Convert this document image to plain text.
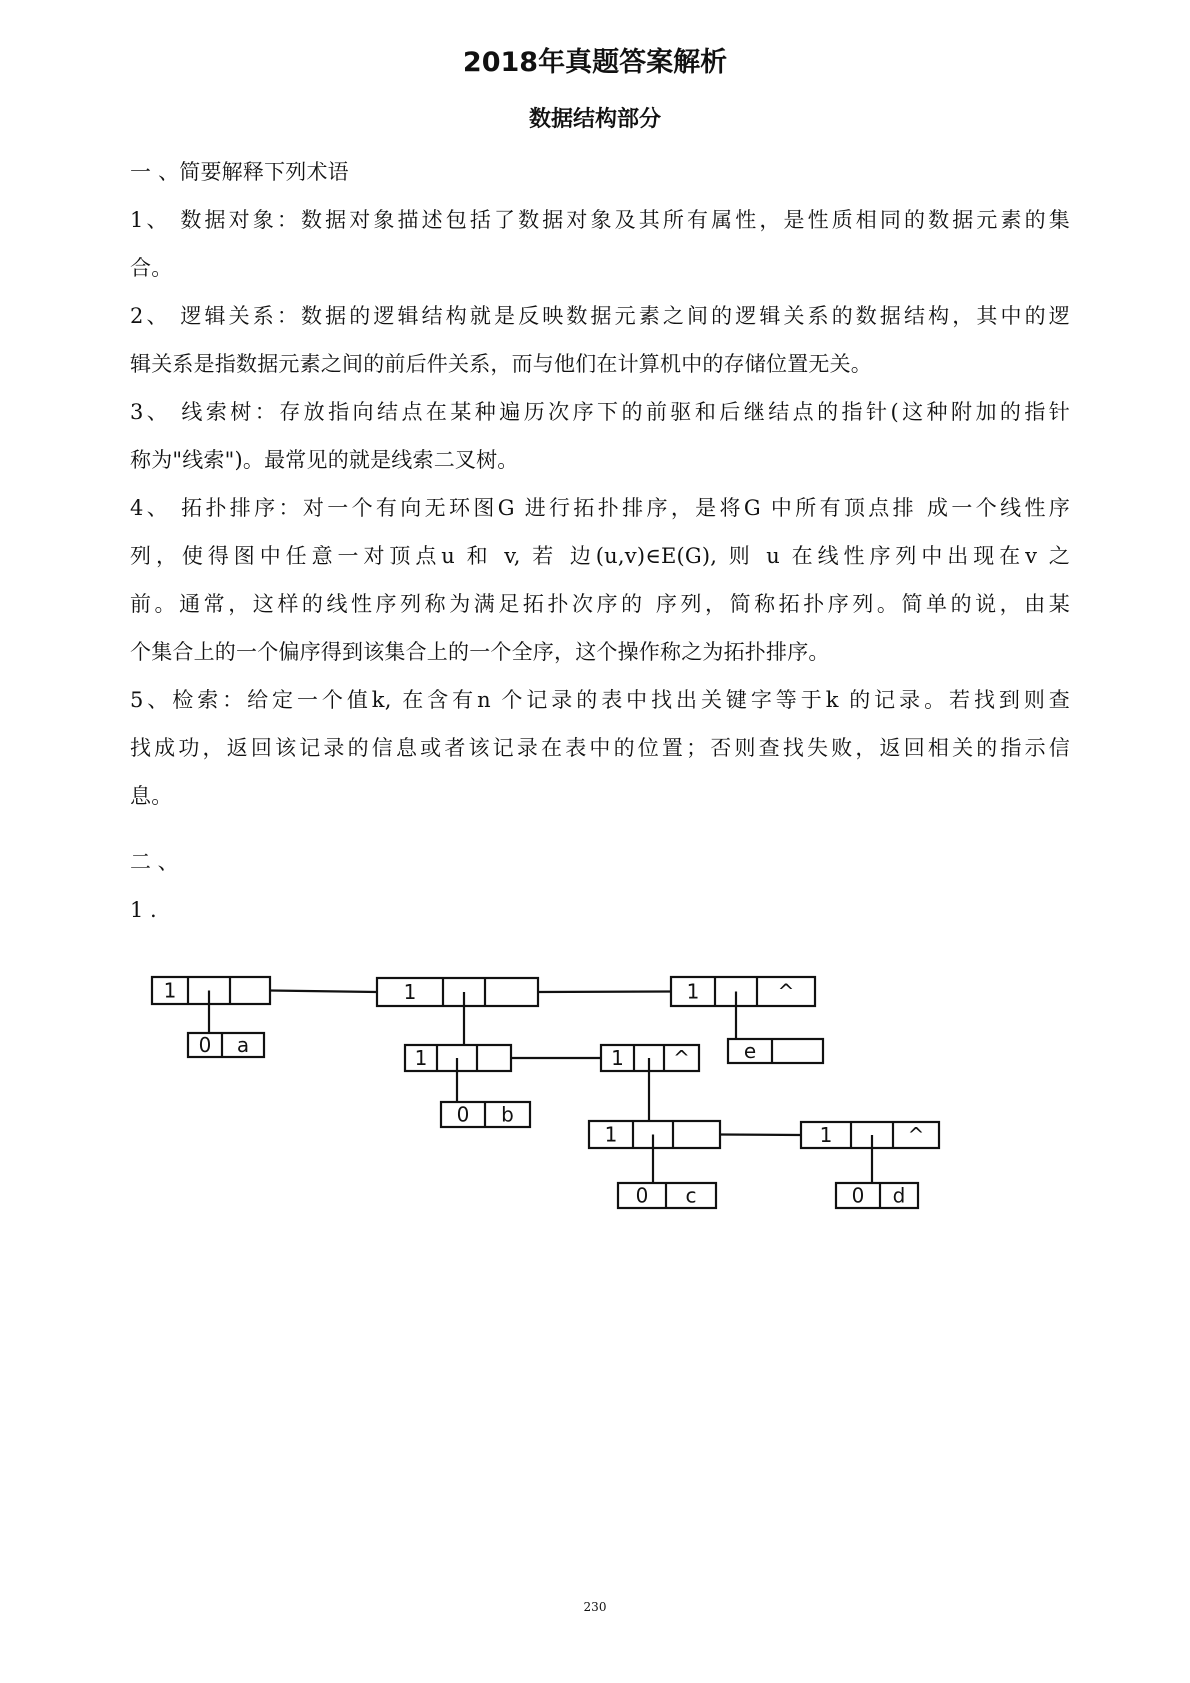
2018年真题答案解析
数据结构部分
一 、简要解释下列术语
1、 数据对象：数据对象描述包括了数据对象及其所有属性，是性质相同的数据元素的集
合。
2、 逻辑关系：数据的逻辑结构就是反映数据元素之间的逻辑关系的数据结构，其中的逻
辑关系是指数据元素之间的前后件关系，而与他们在计算机中的存储位置无关。
3、 线索树：存放指向结点在某种遍历次序下的前驱和后继结点的指针(这种附加的指针
称为"线索")。最常见的就是线索二叉树。
4、 拓扑排序：对一个有向无环图G 进行拓扑排序，是将G 中所有顶点排 成一个线性序
列，使得图中任意一对顶点u 和 v, 若 边(u,v)∈E(G), 则 u 在线性序列中出现在v 之
前。通常，这样的线性序列称为满足拓扑次序的 序列，简称拓扑序列。简单的说，由某
个集合上的一个偏序得到该集合上的一个全序，这个操作称之为拓扑排序。
5、检索：给定一个值k, 在含有n 个记录的表中找出关键字等于k 的记录。若找到则查
找成功，返回该记录的信息或者该记录在表中的位置；否则查找失败，返回相关的指示信
息。
二 、
1 .
1
0 a
1	1	^
e
1
0 b
1 ^
1	1	^
0 c	0 d
230
